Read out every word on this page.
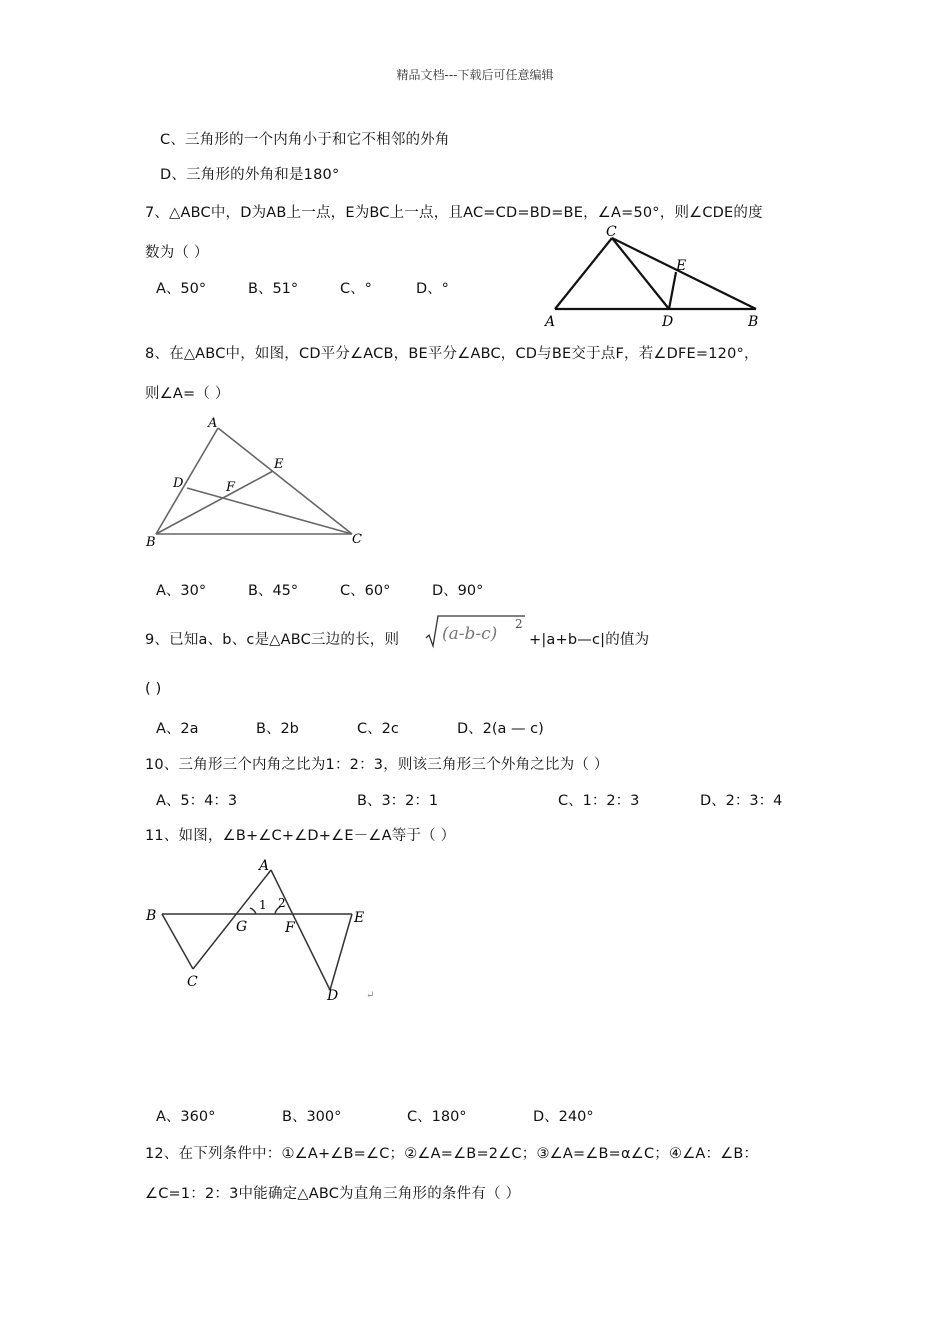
精品文档---下载后可任意编辑
C、三角形的一个内角小于和它不相邻的外角
D、三角形的外角和是180°
7、△ABC中，D为AB上一点，E为BC上一点，且AC=CD=BD=BE，∠A=50°，则∠CDE的度
数为（ ）
A、50°	B、51°	C、°	D、°
C
E
A	D	B
8、在△ABC中，如图，CD平分∠ACB，BE平分∠ABC，CD与BE交于点F，若∠DFE=120°，
则∠A=（ ）
A
E
D	F
B	C
A、30°	B、45°	C、60°	D、90°
9、已知a、b、c是△ABC三边的长，则	(a-b-c) 2
+|a+b—c|的值为
( )
A、2a	B、2b	C、2c	D、2(a — c)
10、三角形三个内角之比为1：2：3，则该三角形三个外角之比为（ ）
A、5：4：3	B、3：2：1	C、1：2：3	D、2：3：4
11、如图，∠B+∠C+∠D+∠E－∠A等于（ ）
A
B	E
G	F
C
D
1 2
↵
A、360°	B、300°	C、180°	D、240°
12、在下列条件中：①∠A+∠B=∠C；②∠A=∠B=2∠C；③∠A=∠B=α∠C；④∠A：∠B：
∠C=1：2：3中能确定△ABC为直角三角形的条件有（ ）
